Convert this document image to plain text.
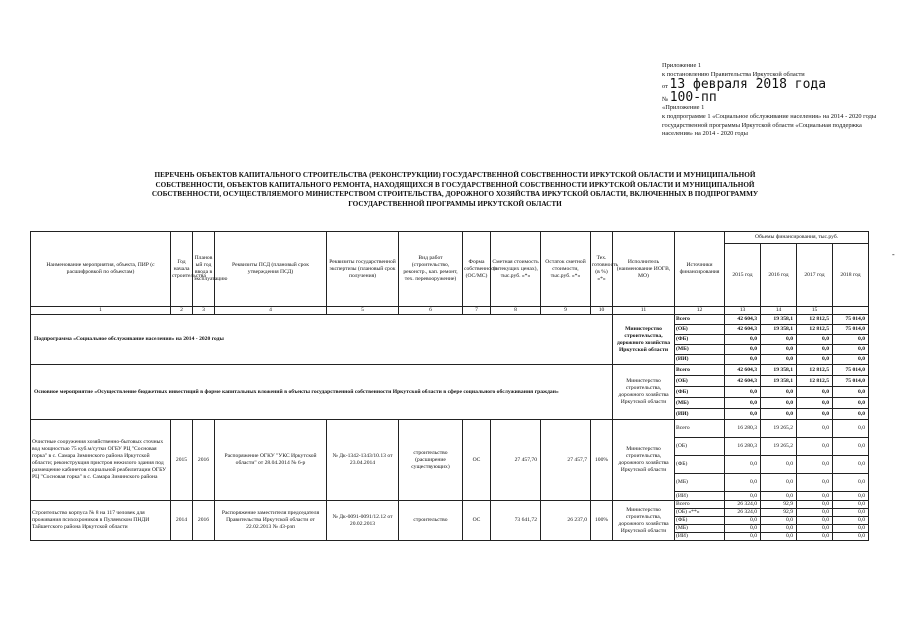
Приложение 1
к постановлению Правительства Иркутской области
от 13 февраля 2018 года
№ 100-пп
«Приложение 1
к подпрограмме 1 «Социальное обслуживание населения» на 2014 - 2020 годы государственной программы Иркутской области «Социальная поддержка населения» на 2014 - 2020 годы
ПЕРЕЧЕНЬ ОБЪЕКТОВ КАПИТАЛЬНОГО СТРОИТЕЛЬСТВА (РЕКОНСТРУКЦИИ) ГОСУДАРСТВЕННОЙ СОБСТВЕННОСТИ ИРКУТСКОЙ ОБЛАСТИ И МУНИЦИПАЛЬНОЙ СОБСТВЕННОСТИ, ОБЪЕКТОВ КАПИТАЛЬНОГО РЕМОНТА, НАХОДЯЩИХСЯ В ГОСУДАРСТВЕННОЙ СОБСТВЕННОСТИ ИРКУТСКОЙ ОБЛАСТИ И МУНИЦИПАЛЬНОЙ СОБСТВЕННОСТИ, ОСУЩЕСТВЛЯЕМОГО МИНИСТЕРСТВОМ СТРОИТЕЛЬСТВА, ДОРОЖНОГО ХОЗЯЙСТВА ИРКУТСКОЙ ОБЛАСТИ, ВКЛЮЧЕННЫХ В ПОДПРОГРАММУ ГОСУДАРСТВЕННОЙ ПРОГРАММЫ ИРКУТСКОЙ ОБЛАСТИ
-
Наименование мероприятия, объекта, ПИР (с расшифровкой по объектам)	Год начала строительства	Планов ый год ввода в эксплуатацию	Реквизиты ПСД (плановый срок утверждения ПСД)	Реквизиты государственной экспертизы (плановый срок получения)	Вид работ (строительство, реконстр., кап. ремонт, тех. перевооружение)	Форма собственности (ОС/МС)	Сметная стоимость (в текущих ценах), тыс.руб. «*»	Остаток сметной стоимости, тыс.руб. «*»	Тех. готовность (в %) «*»	Исполнитель (наименование ИОГВ, МО)	Источники финансирования	Объемы финансирования, тыс.руб.			
												2015 год	2016 год	2017 год	2018 год
1	2	3	4	5	6	7	8	9	10	11	12	13	14	15	
Подпрограмма «Социальное обслуживание населения» на 2014 - 2020 годы										Министерство строительства, дорожного хозяйства Иркутской области	Всего	42 604,3	19 358,1	12 812,5	75 014,0
											(ОБ)	42 604,3	19 358,1	12 812,5	75 014,0
											(ФБ)	0,0	0,0	0,0	0,0
											(МБ)	0,0	0,0	0,0	0,0
											(ИИ)	0,0	0,0	0,0	0,0
Основное мероприятие «Осуществление бюджетных инвестиций в форме капитальных вложений в объекты государственной собственности Иркутской области в сфере социального обслуживания граждан»										Министерство строительства, дорожного хозяйства Иркутской области	Всего	42 604,3	19 358,1	12 812,5	75 014,0
											(ОБ)	42 604,3	19 358,1	12 812,5	75 014,0
											(ФБ)	0,0	0,0	0,0	0,0
											(МБ)	0,0	0,0	0,0	0,0
											(ИИ)	0,0	0,0	0,0	0,0
Очистные сооружения хозяйственно-бытовых сточных вод мощностью 75 куб.м/сутки ОГБУ РЦ "Сосновая горка" в с. Самара Зиминского района Иркутской области; реконструкция пристроя нежилого здания под размещение кабинетов социальной реабилитации ОГБУ РЦ "Сосновая горка" в с. Самара Зиминского района	2015	2016	Распоряжение ОГКУ "УКС Иркутской области" от 28.04.2014 № 6-р	№ Дк-1342-1343/10.13 от 23.04.2014	строительство (расширение существующих)	ОС	27 457,70	27 457,7	100%	Министерство строительства, дорожного хозяйства Иркутской области	Всего	16 280,3	19 265,2	0,0	0,0
											(ОБ)	16 280,3	19 265,2	0,0	0,0
											(ФБ)	0,0	0,0	0,0	0,0
											(МБ)	0,0	0,0	0,0	0,0
											(ИИ)	0,0	0,0	0,0	0,0
Строительство корпуса № 8 на 117 человек для проживания психохроников в Пуляевском ПНДИ Тайшетского района Иркутской области	2014	2016	Распоряжение заместителя председателя Правительства Иркутской области от 22.02.2013 № 43-рзп	№ Дк-0091-0091/12.12 от 20.02.2013	строительство	ОС	73 641,72	26 237,0	100%	Министерство строительства, дорожного хозяйства Иркутской области	Всего	26 324,0	92,9	0,0	0,0
											(ОБ) «**»	26 324,0	92,9	0,0	0,0
											(ФБ)	0,0	0,0	0,0	0,0
											(МБ)	0,0	0,0	0,0	0,0
											(ИИ)	0,0	0,0	0,0	0,0
